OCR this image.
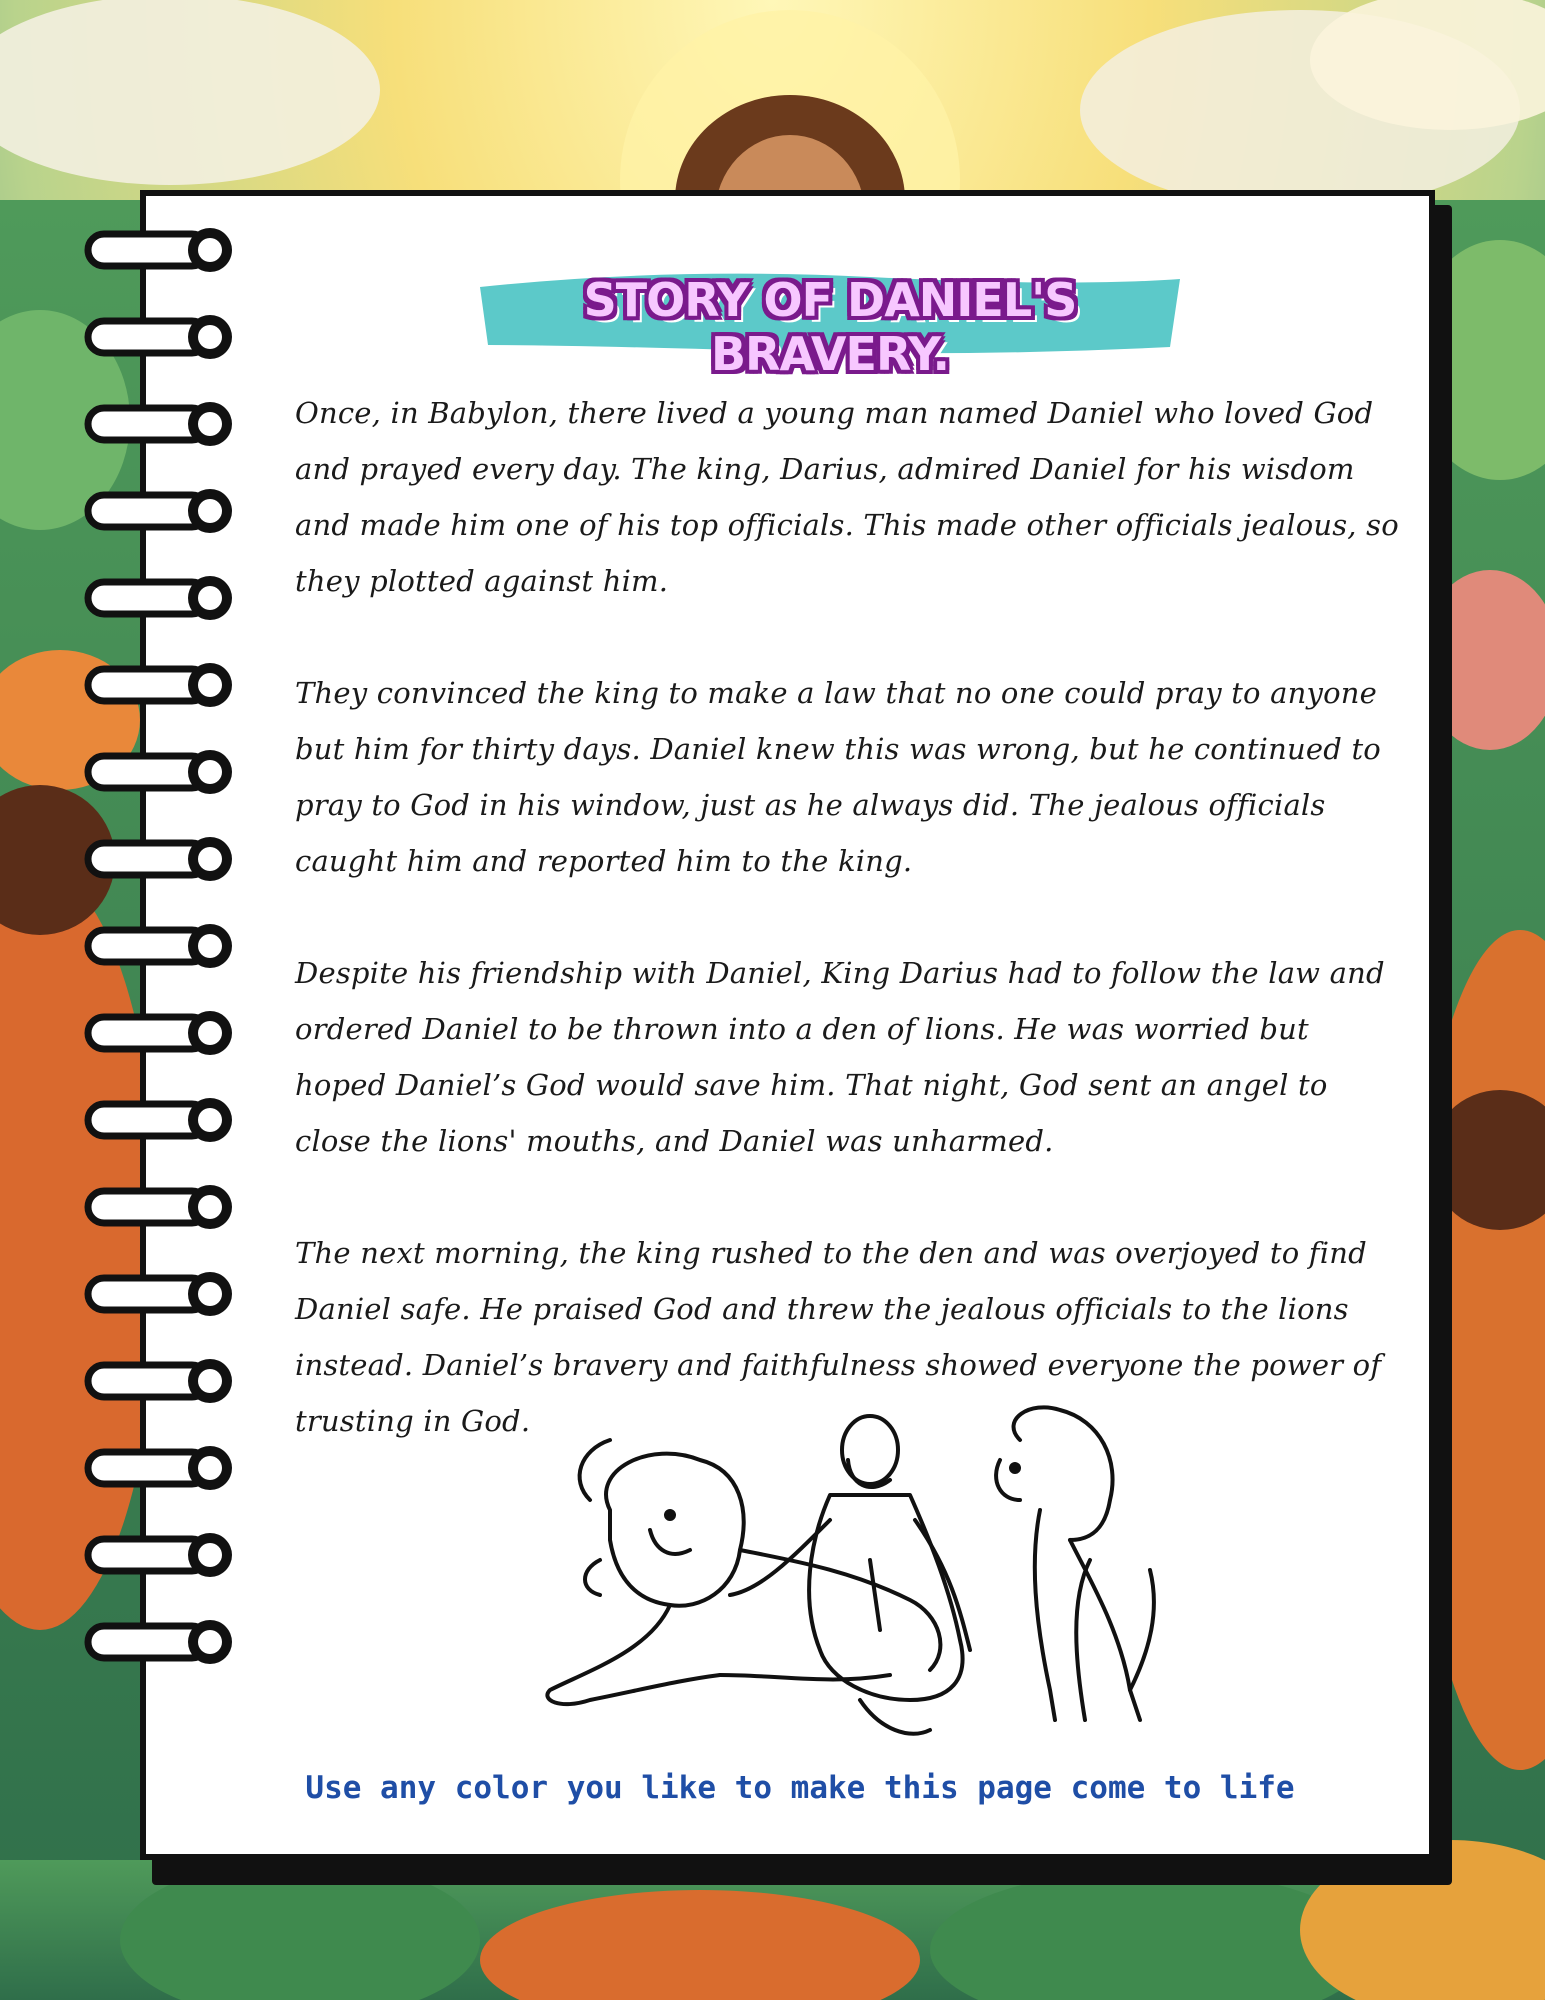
STORY OF DANIEL'S BRAVERY.

Once, in Babylon, there lived a young man named Daniel who loved God and prayed every day. The king, Darius, admired Daniel for his wisdom and made him one of his top officials. This made other officials jealous, so they plotted against him.

They convinced the king to make a law that no one could pray to anyone but him for thirty days. Daniel knew this was wrong, but he continued to pray to God in his window, just as he always did. The jealous officials caught him and reported him to the king.

Despite his friendship with Daniel, King Darius had to follow the law and ordered Daniel to be thrown into a den of lions. He was worried but hoped Daniel’s God would save him. That night, God sent an angel to close the lions' mouths, and Daniel was unharmed.

The next morning, the king rushed to the den and was overjoyed to find Daniel safe. He praised God and threw the jealous officials to the lions instead. Daniel’s bravery and faithfulness showed everyone the power of trusting in God.

Use any color you like to make this page come to life
